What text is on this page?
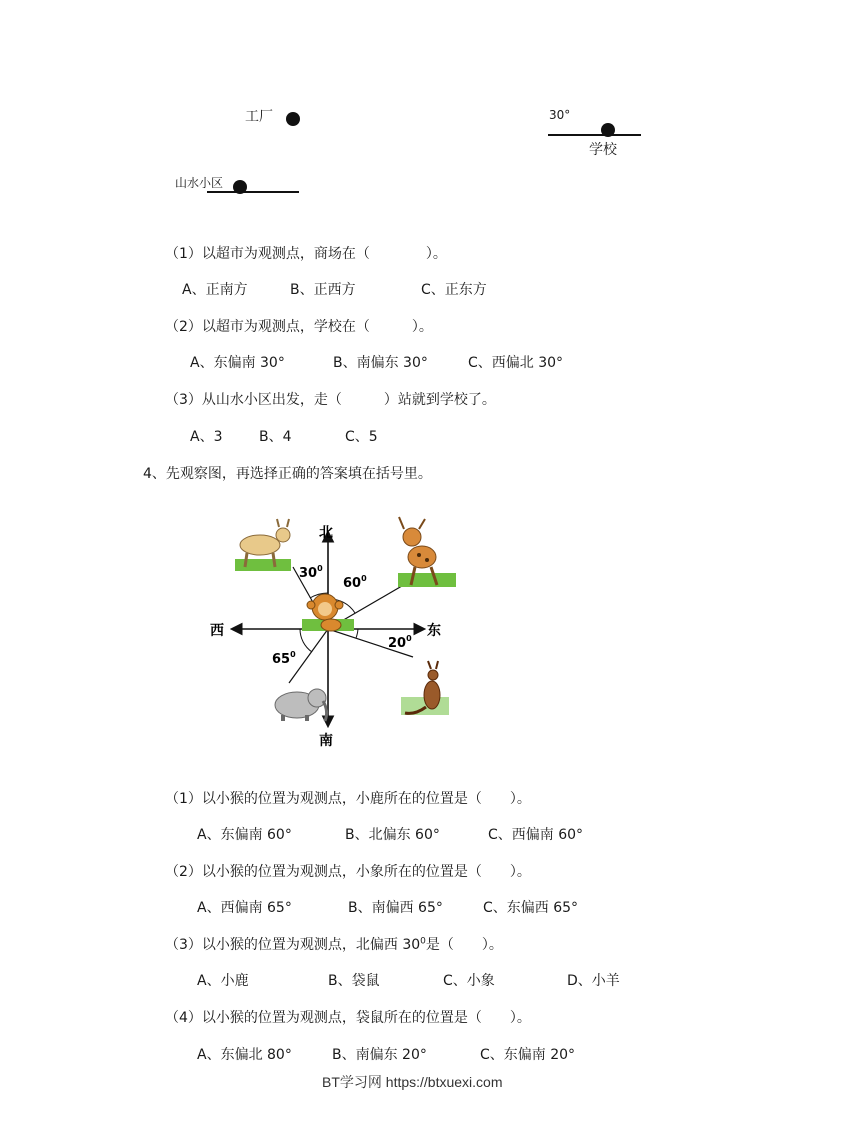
工厂	30°
学校
山水小区
（1）以超市为观测点，商场在（　　　　）。
A、正南方	B、正西方	C、正东方
（2）以超市为观测点，学校在（　　　）。
A、东偏南 30°	B、南偏东 30°	C、西偏北 30°
（3）从山水小区出发，走（　　　）站就到学校了。
A、3	B、4	C、5
4、先观察图，再选择正确的答案填在括号里。
北
南
西	东
$30^0$
$60^0$
$20^0$
$65^0$
（1）以小猴的位置为观测点，小鹿所在的位置是（　　）。
A、东偏南 60°	B、北偏东 60°	C、西偏南 60°
（2）以小猴的位置为观测点，小象所在的位置是（　　）。
A、西偏南 65°	B、南偏西 65°	C、东偏西 65°
（3）以小猴的位置为观测点，北偏西 $30^0$是（　　）。
A、小鹿	B、袋鼠	C、小象	D、小羊
（4）以小猴的位置为观测点，袋鼠所在的位置是（　　）。
A、东偏北 80°	B、南偏东 20°	C、东偏南 20°
BT学习网 https://btxuexi.com
